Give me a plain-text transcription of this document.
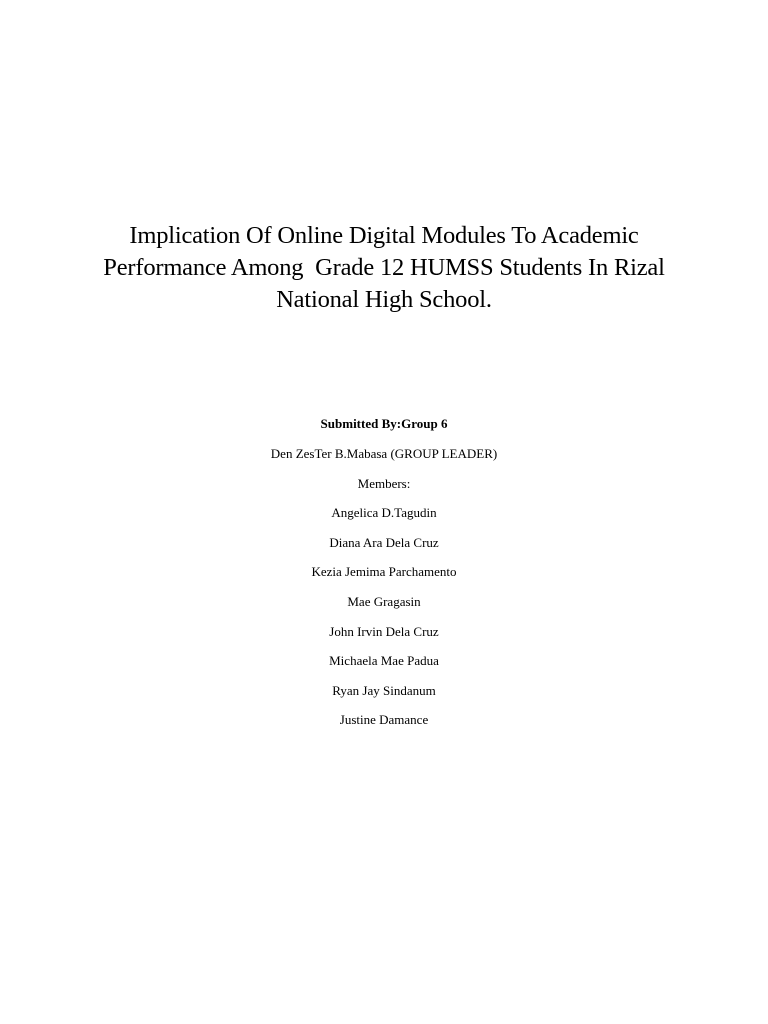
Implication Of Online Digital Modules To Academic
Performance Among  Grade 12 HUMSS Students In Rizal
National High School.
Submitted By:Group 6
Den ZesTer B.Mabasa (GROUP LEADER)
Members:
Angelica D.Tagudin
Diana Ara Dela Cruz
Kezia Jemima Parchamento
Mae Gragasin
John Irvin Dela Cruz
Michaela Mae Padua
Ryan Jay Sindanum
Justine Damance
